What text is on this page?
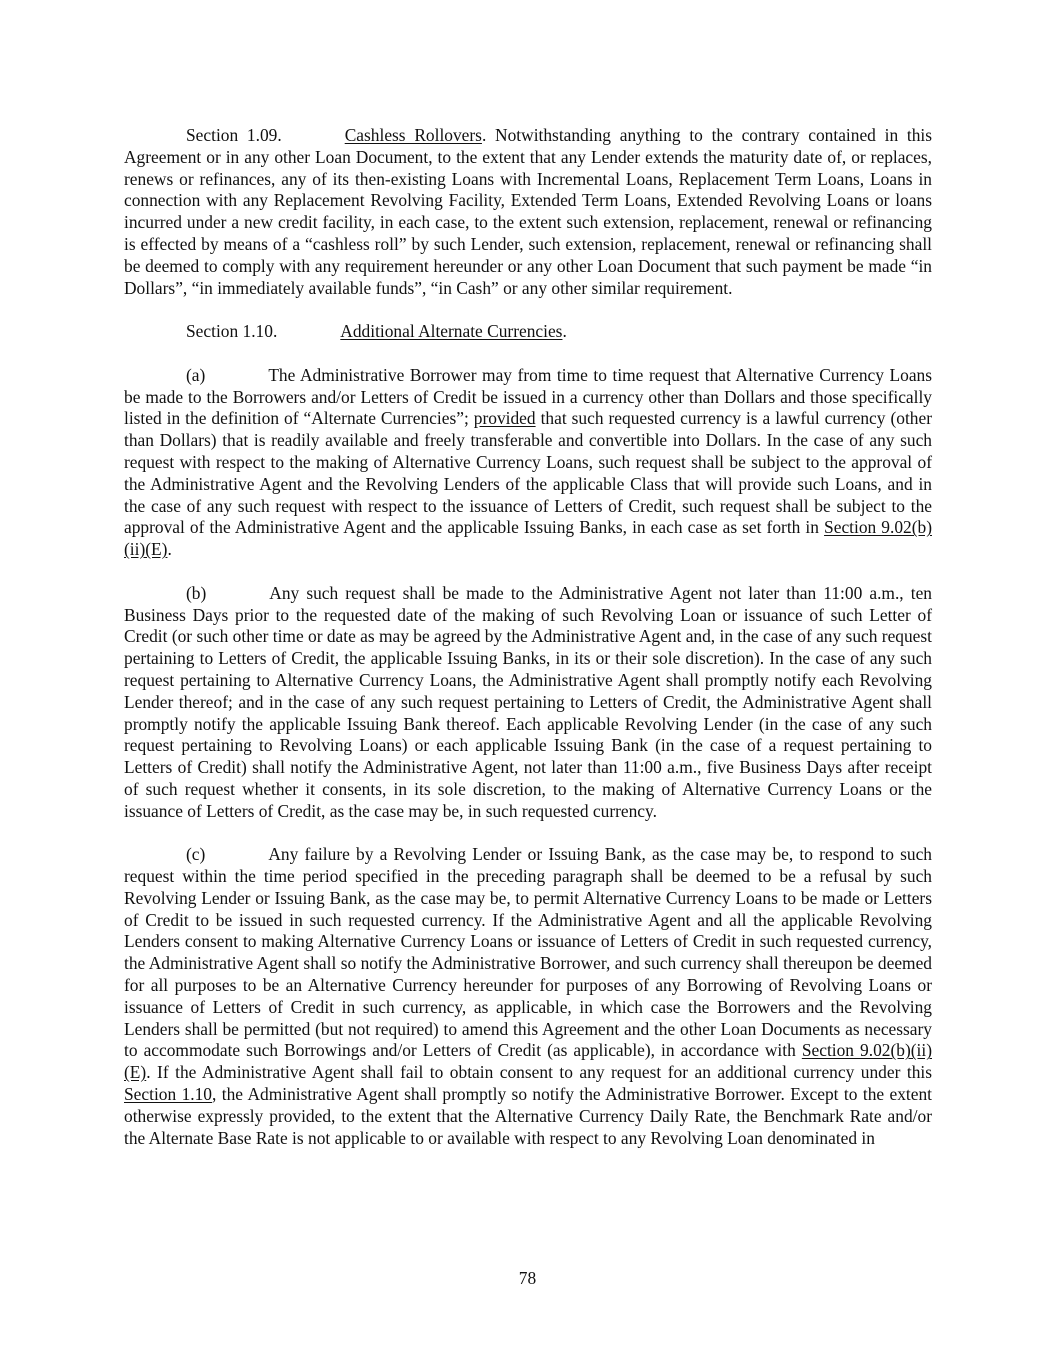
Section 1.09.	Cashless Rollovers. Notwithstanding anything to the contrary contained in this Agreement or in any other Loan Document, to the extent that any Lender extends the maturity date of, or replaces, renews or refinances, any of its then-existing Loans with Incremental Loans, Replacement Term Loans, Loans in connection with any Replacement Revolving Facility, Extended Term Loans, Extended Revolving Loans or loans incurred under a new credit facility, in each case, to the extent such extension, replacement, renewal or refinancing is effected by means of a “cashless roll” by such Lender, such extension, replacement, renewal or refinancing shall be deemed to comply with any requirement hereunder or any other Loan Document that such payment be made “in Dollars”, “in immediately available funds”, “in Cash” or any other similar requirement.

Section 1.10.	Additional Alternate Currencies.

(a)	The Administrative Borrower may from time to time request that Alternative Currency Loans be made to the Borrowers and/or Letters of Credit be issued in a currency other than Dollars and those specifically listed in the definition of “Alternate Currencies”; provided that such requested currency is a lawful currency (other than Dollars) that is readily available and freely transferable and convertible into Dollars. In the case of any such request with respect to the making of Alternative Currency Loans, such request shall be subject to the approval of the Administrative Agent and the Revolving Lenders of the applicable Class that will provide such Loans, and in the case of any such request with respect to the issuance of Letters of Credit, such request shall be subject to the approval of the Administrative Agent and the applicable Issuing Banks, in each case as set forth in Section 9.02(b)(ii)(E).

(b)	Any such request shall be made to the Administrative Agent not later than 11:00 a.m., ten Business Days prior to the requested date of the making of such Revolving Loan or issuance of such Letter of Credit (or such other time or date as may be agreed by the Administrative Agent and, in the case of any such request pertaining to Letters of Credit, the applicable Issuing Banks, in its or their sole discretion). In the case of any such request pertaining to Alternative Currency Loans, the Administrative Agent shall promptly notify each Revolving Lender thereof; and in the case of any such request pertaining to Letters of Credit, the Administrative Agent shall promptly notify the applicable Issuing Bank thereof. Each applicable Revolving Lender (in the case of any such request pertaining to Revolving Loans) or each applicable Issuing Bank (in the case of a request pertaining to Letters of Credit) shall notify the Administrative Agent, not later than 11:00 a.m., five Business Days after receipt of such request whether it consents, in its sole discretion, to the making of Alternative Currency Loans or the issuance of Letters of Credit, as the case may be, in such requested currency.

(c)	Any failure by a Revolving Lender or Issuing Bank, as the case may be, to respond to such request within the time period specified in the preceding paragraph shall be deemed to be a refusal by such Revolving Lender or Issuing Bank, as the case may be, to permit Alternative Currency Loans to be made or Letters of Credit to be issued in such requested currency. If the Administrative Agent and all the applicable Revolving Lenders consent to making Alternative Currency Loans or issuance of Letters of Credit in such requested currency, the Administrative Agent shall so notify the Administrative Borrower, and such currency shall thereupon be deemed for all purposes to be an Alternative Currency hereunder for purposes of any Borrowing of Revolving Loans or issuance of Letters of Credit in such currency, as applicable, in which case the Borrowers and the Revolving Lenders shall be permitted (but not required) to amend this Agreement and the other Loan Documents as necessary to accommodate such Borrowings and/or Letters of Credit (as applicable), in accordance with Section 9.02(b)(ii)(E). If the Administrative Agent shall fail to obtain consent to any request for an additional currency under this Section 1.10, the Administrative Agent shall promptly so notify the Administrative Borrower. Except to the extent otherwise expressly provided, to the extent that the Alternative Currency Daily Rate, the Benchmark Rate and/or the Alternate Base Rate is not applicable to or available with respect to any Revolving Loan denominated in

78
